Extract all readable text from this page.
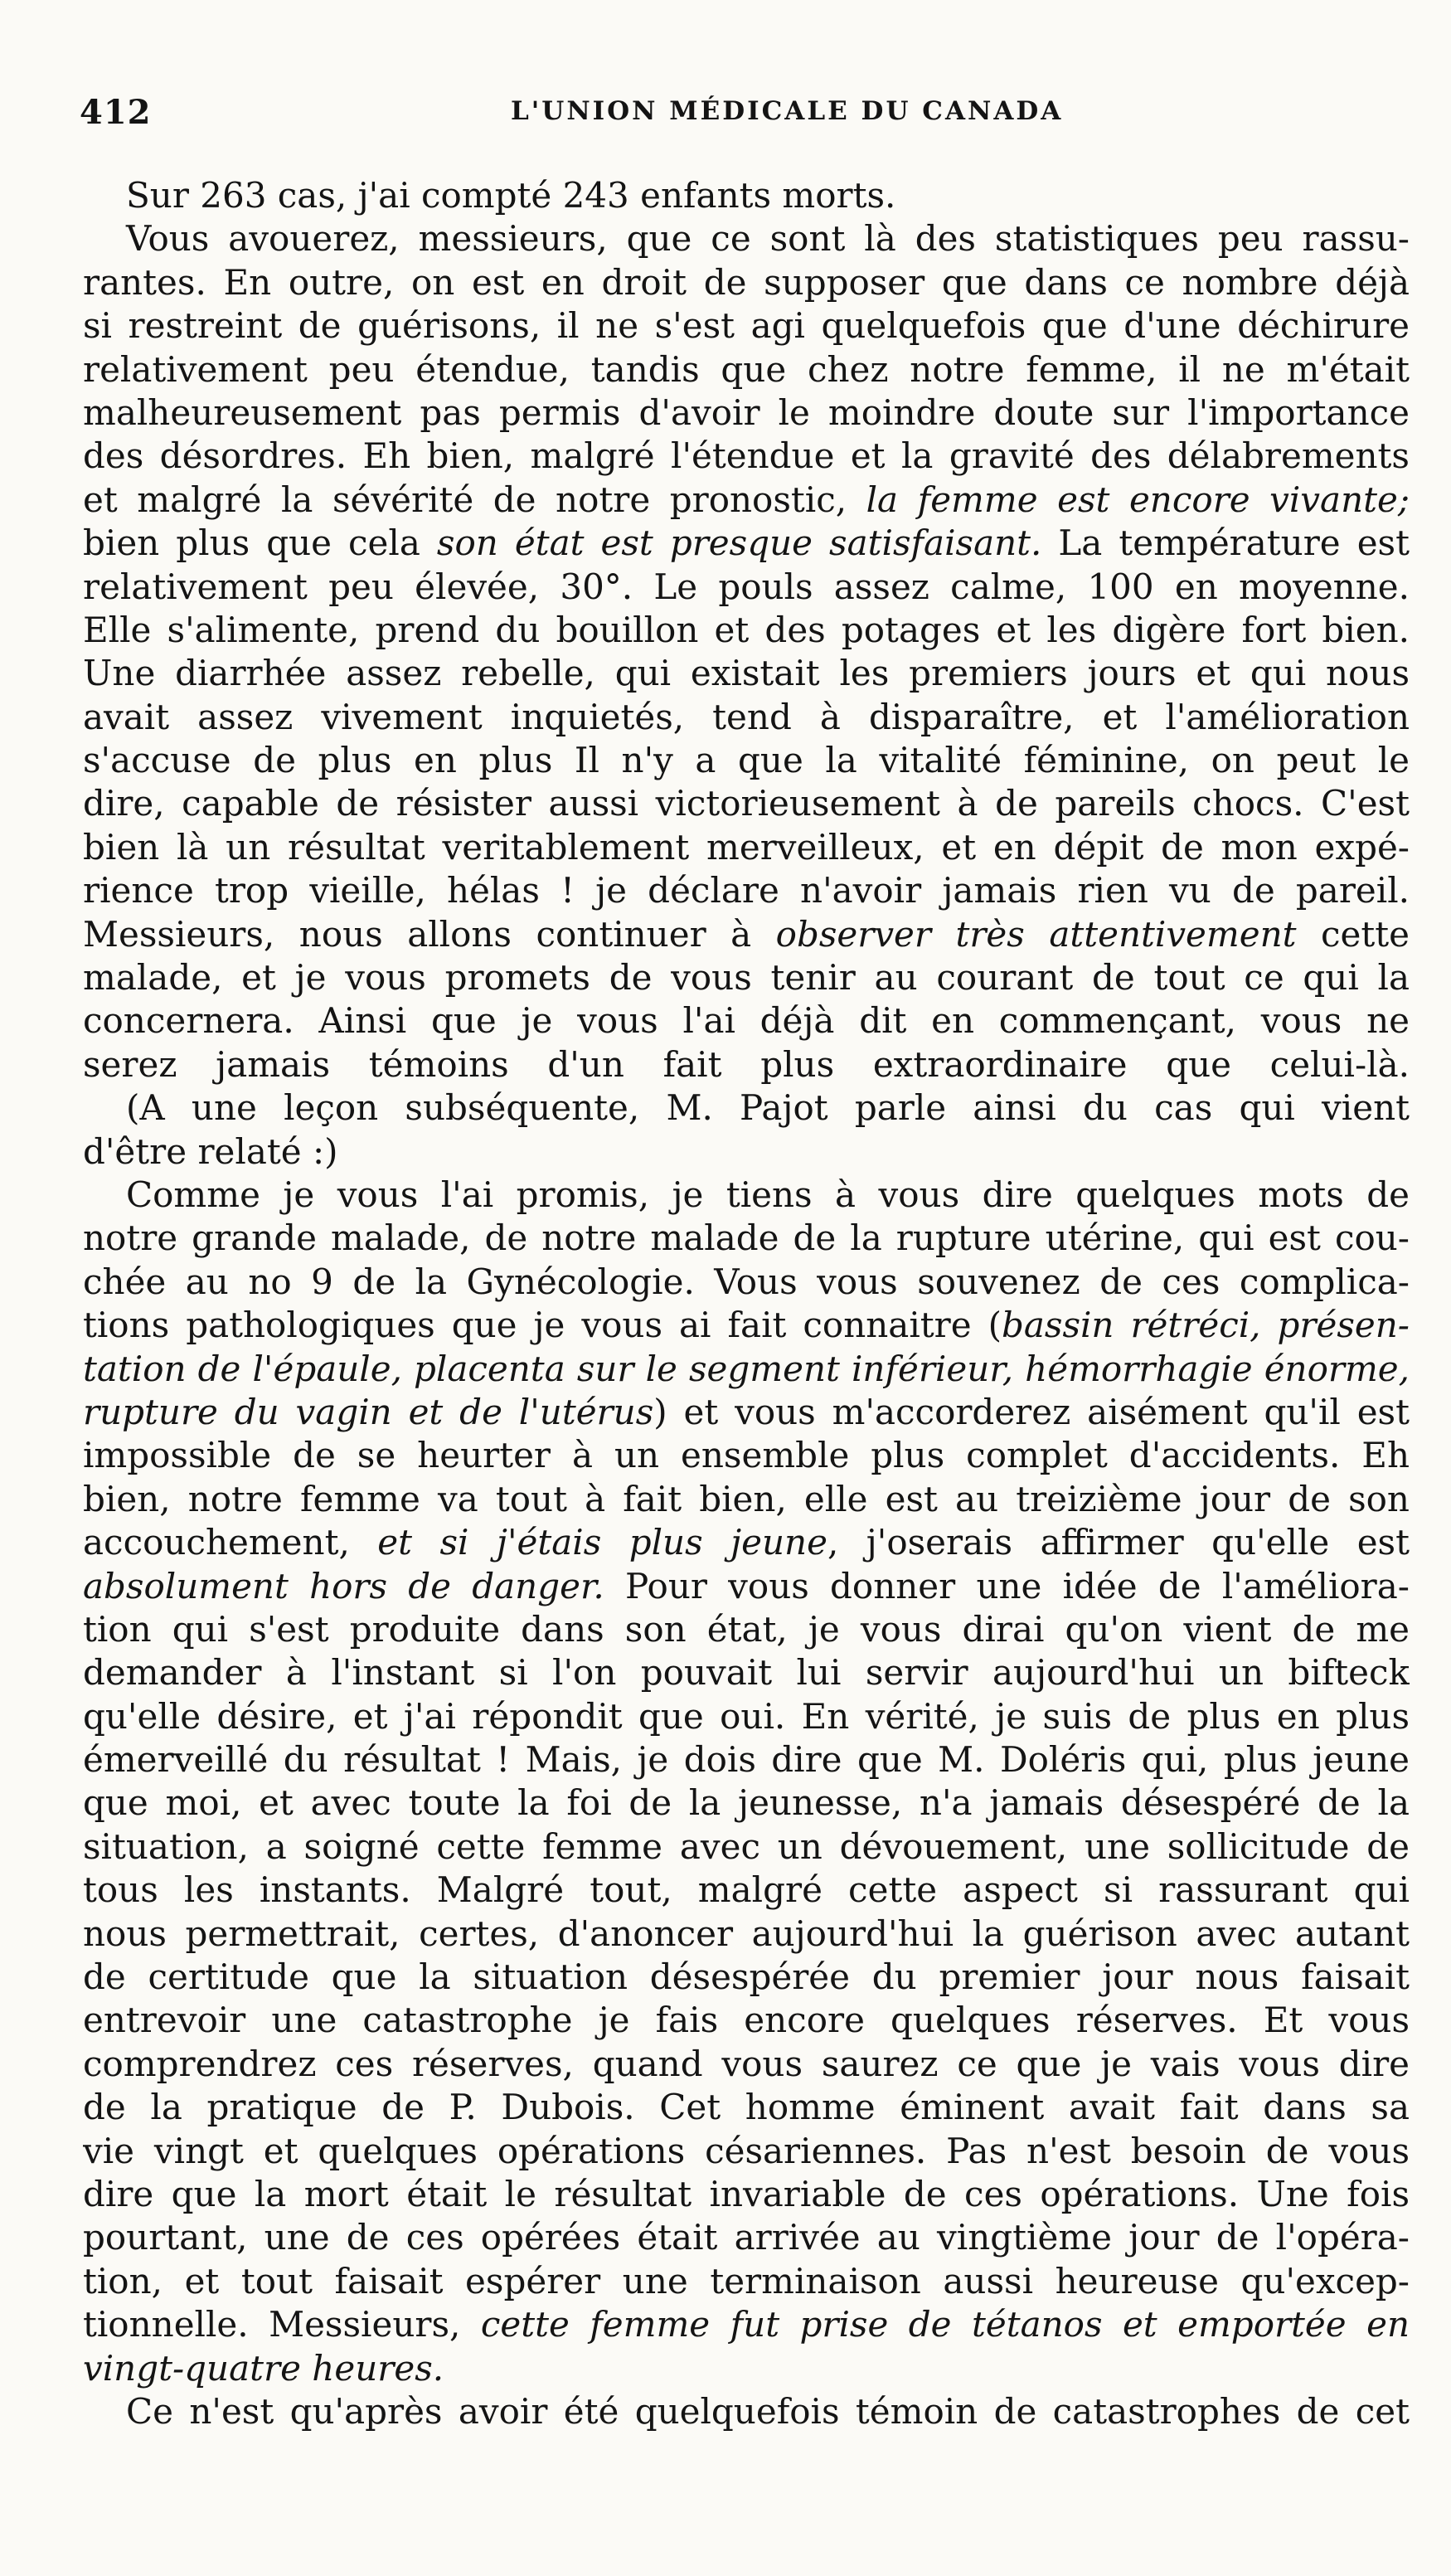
412	L'UNION MÉDICALE DU CANADA
Sur 263 cas, j'ai compté 243 enfants morts.
Vous avouerez, messieurs, que ce sont là des statistiques peu rassu-
rantes. En outre, on est en droit de supposer que dans ce nombre déjà
si restreint de guérisons, il ne s'est agi quelquefois que d'une déchirure
relativement peu étendue, tandis que chez notre femme, il ne m'était
malheureusement pas permis d'avoir le moindre doute sur l'importance
des désordres. Eh bien, malgré l'étendue et la gravité des délabrements
et malgré la sévérité de notre pronostic, la femme est encore vivante;
bien plus que cela son état est presque satisfaisant. La température est
relativement peu élevée, 30°. Le pouls assez calme, 100 en moyenne.
Elle s'alimente, prend du bouillon et des potages et les digère fort bien.
Une diarrhée assez rebelle, qui existait les premiers jours et qui nous
avait assez vivement inquietés, tend à disparaître, et l'amélioration
s'accuse de plus en plus Il n'y a que la vitalité féminine, on peut le
dire, capable de résister aussi victorieusement à de pareils chocs. C'est
bien là un résultat veritablement merveilleux, et en dépit de mon expé-
rience trop vieille, hélas ! je déclare n'avoir jamais rien vu de pareil.
Messieurs, nous allons continuer à observer très attentivement cette
malade, et je vous promets de vous tenir au courant de tout ce qui la
concernera. Ainsi que je vous l'ai déjà dit en commençant, vous ne
serez jamais témoins d'un fait plus extraordinaire que celui-là.
(A une leçon subséquente, M. Pajot parle ainsi du cas qui vient
d'être relaté :)
Comme je vous l'ai promis, je tiens à vous dire quelques mots de
notre grande malade, de notre malade de la rupture utérine, qui est cou-
chée au no 9 de la Gynécologie. Vous vous souvenez de ces complica-
tions pathologiques que je vous ai fait connaitre (bassin rétréci, présen-
tation de l'épaule, placenta sur le segment inférieur, hémorrhagie énorme,
rupture du vagin et de l'utérus) et vous m'accorderez aisément qu'il est
impossible de se heurter à un ensemble plus complet d'accidents. Eh
bien, notre femme va tout à fait bien, elle est au treizième jour de son
accouchement, et si j'étais plus jeune, j'oserais affirmer qu'elle est
absolument hors de danger. Pour vous donner une idée de l'améliora-
tion qui s'est produite dans son état, je vous dirai qu'on vient de me
demander à l'instant si l'on pouvait lui servir aujourd'hui un bifteck
qu'elle désire, et j'ai répondit que oui. En vérité, je suis de plus en plus
émerveillé du résultat ! Mais, je dois dire que M. Doléris qui, plus jeune
que moi, et avec toute la foi de la jeunesse, n'a jamais désespéré de la
situation, a soigné cette femme avec un dévouement, une sollicitude de
tous les instants. Malgré tout, malgré cette aspect si rassurant qui
nous permettrait, certes, d'anoncer aujourd'hui la guérison avec autant
de certitude que la situation désespérée du premier jour nous faisait
entrevoir une catastrophe je fais encore quelques réserves. Et vous
comprendrez ces réserves, quand vous saurez ce que je vais vous dire
de la pratique de P. Dubois. Cet homme éminent avait fait dans sa
vie vingt et quelques opérations césariennes. Pas n'est besoin de vous
dire que la mort était le résultat invariable de ces opérations. Une fois
pourtant, une de ces opérées était arrivée au vingtième jour de l'opéra-
tion, et tout faisait espérer une terminaison aussi heureuse qu'excep-
tionnelle. Messieurs, cette femme fut prise de tétanos et emportée en
vingt-quatre heures.
Ce n'est qu'après avoir été quelquefois témoin de catastrophes de cet
